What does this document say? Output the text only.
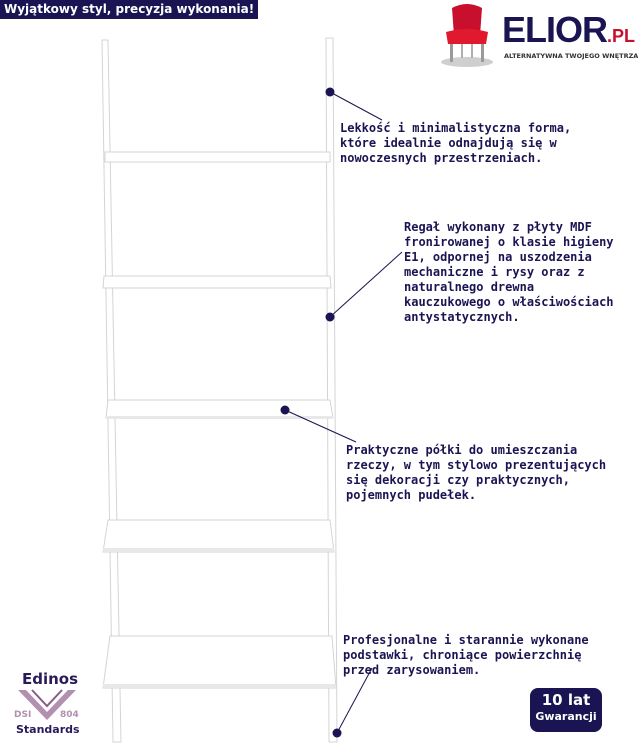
Wyjątkowy styl, precyzja wykonania!	ELIOR.PL
ALTERNATYWNA TWOJEGO WNĘTRZA
Lekkość i minimalistyczna forma, które idealnie odnajdują się w nowoczesnych przestrzeniach.
Regał wykonany z płyty MDF fronirowanej o klasie higieny E1, odpornej na uszodzenia mechaniczne i rysy oraz z naturalnego drewna kauczukowego o właściwościach antystatycznych.
Praktyczne półki do umieszczania rzeczy, w tym stylowo prezentujących się dekoracji czy praktycznych, pojemnych pudełek.
Profesjonalne i starannie wykonane podstawki, chroniące powierzchnię przed zarysowaniem.
Edinos
DSI	804
Standards
10 lat
Gwarancji
